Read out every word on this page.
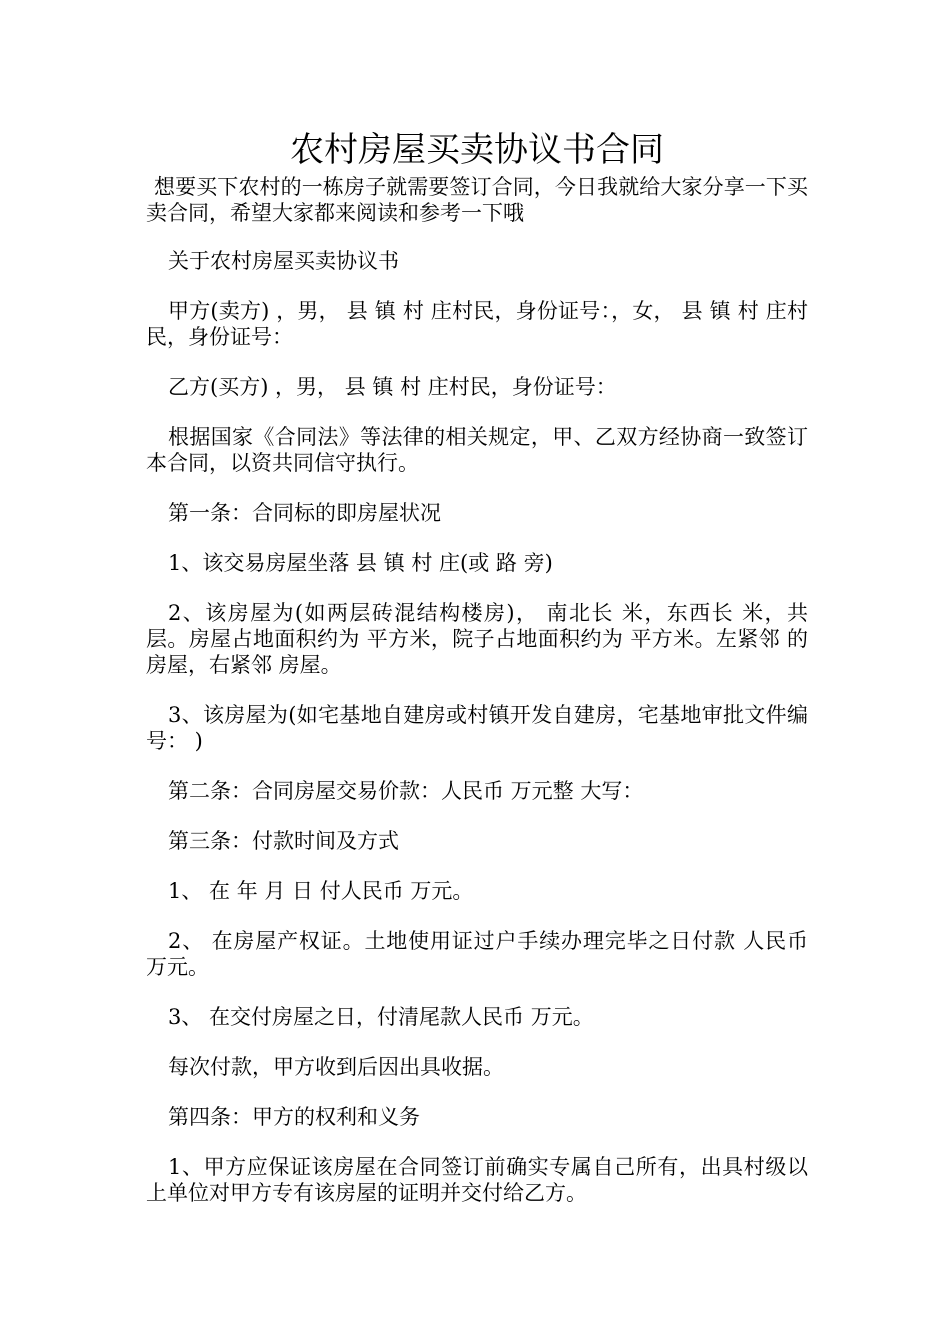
农村房屋买卖协议书合同

想要买下农村的一栋房子就需要签订合同，今日我就给大家分享一下买卖合同，希望大家都来阅读和参考一下哦

关于农村房屋买卖协议书

甲方(卖方) ，男， 县 镇 村 庄村民，身份证号：，女， 县 镇 村 庄村民，身份证号：

乙方(买方) ，男， 县 镇 村 庄村民，身份证号：

根据国家《合同法》等法律的相关规定，甲、乙双方经协商一致签订本合同，以资共同信守执行。

第一条：合同标的即房屋状况

1、该交易房屋坐落 县 镇 村 庄(或 路 旁)

2、该房屋为(如两层砖混结构楼房)， 南北长 米，东西长 米，共 层。房屋占地面积约为 平方米，院子占地面积约为 平方米。左紧邻 的房屋，右紧邻 房屋。

3、该房屋为(如宅基地自建房或村镇开发自建房，宅基地审批文件编号： )

第二条：合同房屋交易价款：人民币 万元整 大写：

第三条：付款时间及方式

1、 在 年 月 日 付人民币 万元。

2、 在房屋产权证。土地使用证过户手续办理完毕之日付款 人民币 万元。

3、 在交付房屋之日，付清尾款人民币 万元。

每次付款，甲方收到后因出具收据。

第四条：甲方的权利和义务

1、甲方应保证该房屋在合同签订前确实专属自己所有，出具村级以上单位对甲方专有该房屋的证明并交付给乙方。
